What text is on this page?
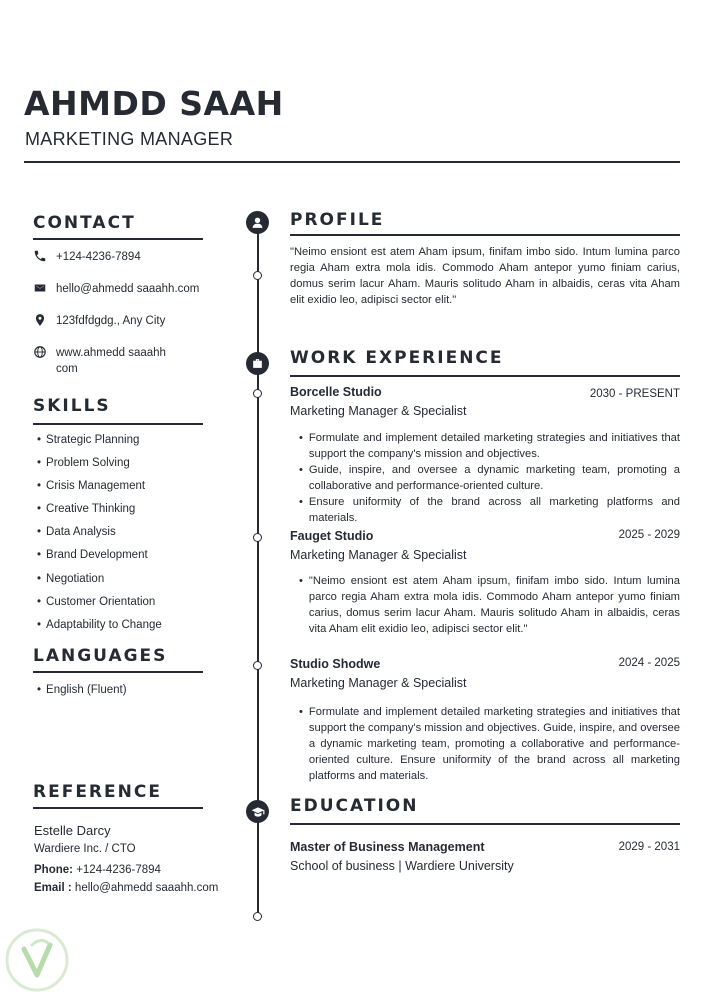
AHMDD SAAH
MARKETING MANAGER
CONTACT
+124-4236-7894
hello@ahmedd saaahh.com
123fdfdgdg., Any City
www.ahmedd saaahh com
SKILLS
• Strategic Planning
• Problem Solving
• Crisis Management
• Creative Thinking
• Data Analysis
• Brand Development
• Negotiation
• Customer Orientation
• Adaptability to Change
LANGUAGES
• English (Fluent)
REFERENCE
Estelle Darcy
Wardiere Inc. / CTO
Phone: +124-4236-7894
Email : hello@ahmedd saaahh.com
PROFILE
"Neimo ensiont est atem Aham ipsum, finifam imbo sido. Intum lumina parco regia Aham extra mola idis. Commodo Aham antepor yumo finiam carius, domus serim lacur Aham. Mauris solitudo Aham in albaidis, ceras vita Aham elit exidio leo, adipisci sector elit."
WORK EXPERIENCE
Borcelle Studio	2030 - PRESENT
Marketing Manager & Specialist
• Formulate and implement detailed marketing strategies and initiatives that support the company's mission and objectives.
• Guide, inspire, and oversee a dynamic marketing team, promoting a collaborative and performance-oriented culture.
• Ensure uniformity of the brand across all marketing platforms and materials.
Fauget Studio	2025 - 2029
Marketing Manager & Specialist
• "Neimo ensiont est atem Aham ipsum, finifam imbo sido. Intum lumina parco regia Aham extra mola idis. Commodo Aham antepor yumo finiam carius, domus serim lacur Aham. Mauris solitudo Aham in albaidis, ceras vita Aham elit exidio leo, adipisci sector elit."
Studio Shodwe	2024 - 2025
Marketing Manager & Specialist
• Formulate and implement detailed marketing strategies and initiatives that support the company's mission and objectives. Guide, inspire, and oversee a dynamic marketing team, promoting a collaborative and performance-oriented culture. Ensure uniformity of the brand across all marketing platforms and materials.
EDUCATION
Master of Business Management	2029 - 2031
School of business | Wardiere University
